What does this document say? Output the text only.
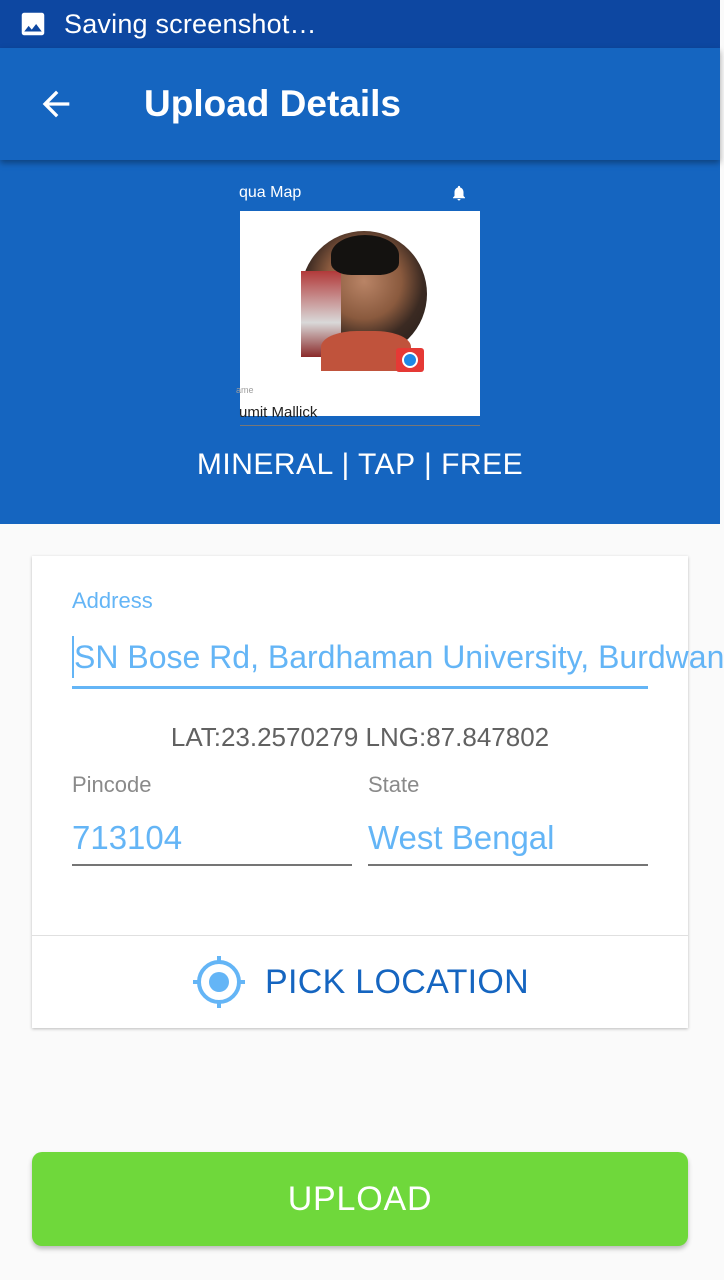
Saving screenshot…
Upload Details
qua Map
ame
umit Mallick
MINERAL | TAP | FREE
Address
SN Bose Rd, Bardhaman University, Burdwan
LAT:23.2570279 LNG:87.847802
Pincode	State
713104	West Bengal
PICK LOCATION
UPLOAD
